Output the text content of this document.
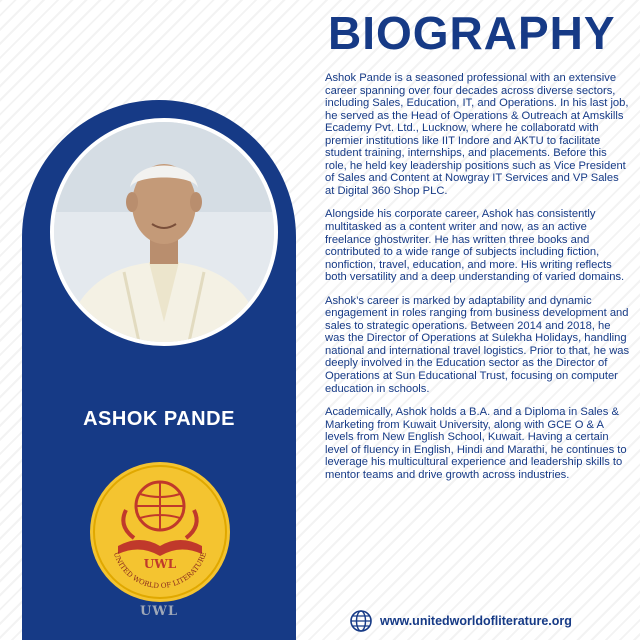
ASHOK PANDE
UWL
UNITED WORLD OF LITERATURE
UWL
BIOGRAPHY

Ashok Pande is a seasoned professional with an extensive career spanning over four decades across diverse sectors, including Sales, Education, IT, and Operations. In his last job, he served as the Head of Operations & Outreach at Amskills Ecademy Pvt. Ltd., Lucknow, where he collaboratd with premier institutions like IIT Indore and AKTU to facilitate student training, internships, and placements. Before this role, he held key leadership positions such as Vice President of Sales and Content at Nowgray IT Services and VP Sales at Digital 360 Shop PLC.

Alongside his corporate career, Ashok has consistently multitasked as a content writer and now, as an active freelance ghostwriter. He has written three books and contributed to a wide range of subjects including fiction, nonfiction, travel, education, and more. His writing reflects both versatility and a deep understanding of varied domains.

Ashok’s career is marked by adaptability and dynamic engagement in roles ranging from business development and sales to strategic operations. Between 2014 and 2018, he was the Director of Operations at Sulekha Holidays, handling national and international travel logistics. Prior to that, he was deeply involved in the Education sector as the Director of Operations at Sun Educational Trust, focusing on computer education in schools.

Academically, Ashok holds a B.A. and a Diploma in Sales & Marketing from Kuwait University, along with GCE O & A levels from New English School, Kuwait. Having a certain level of fluency in English, Hindi and Marathi, he continues to leverage his multicultural experience and leadership skills to mentor teams and drive growth across industries.

www.unitedworldofliterature.org
